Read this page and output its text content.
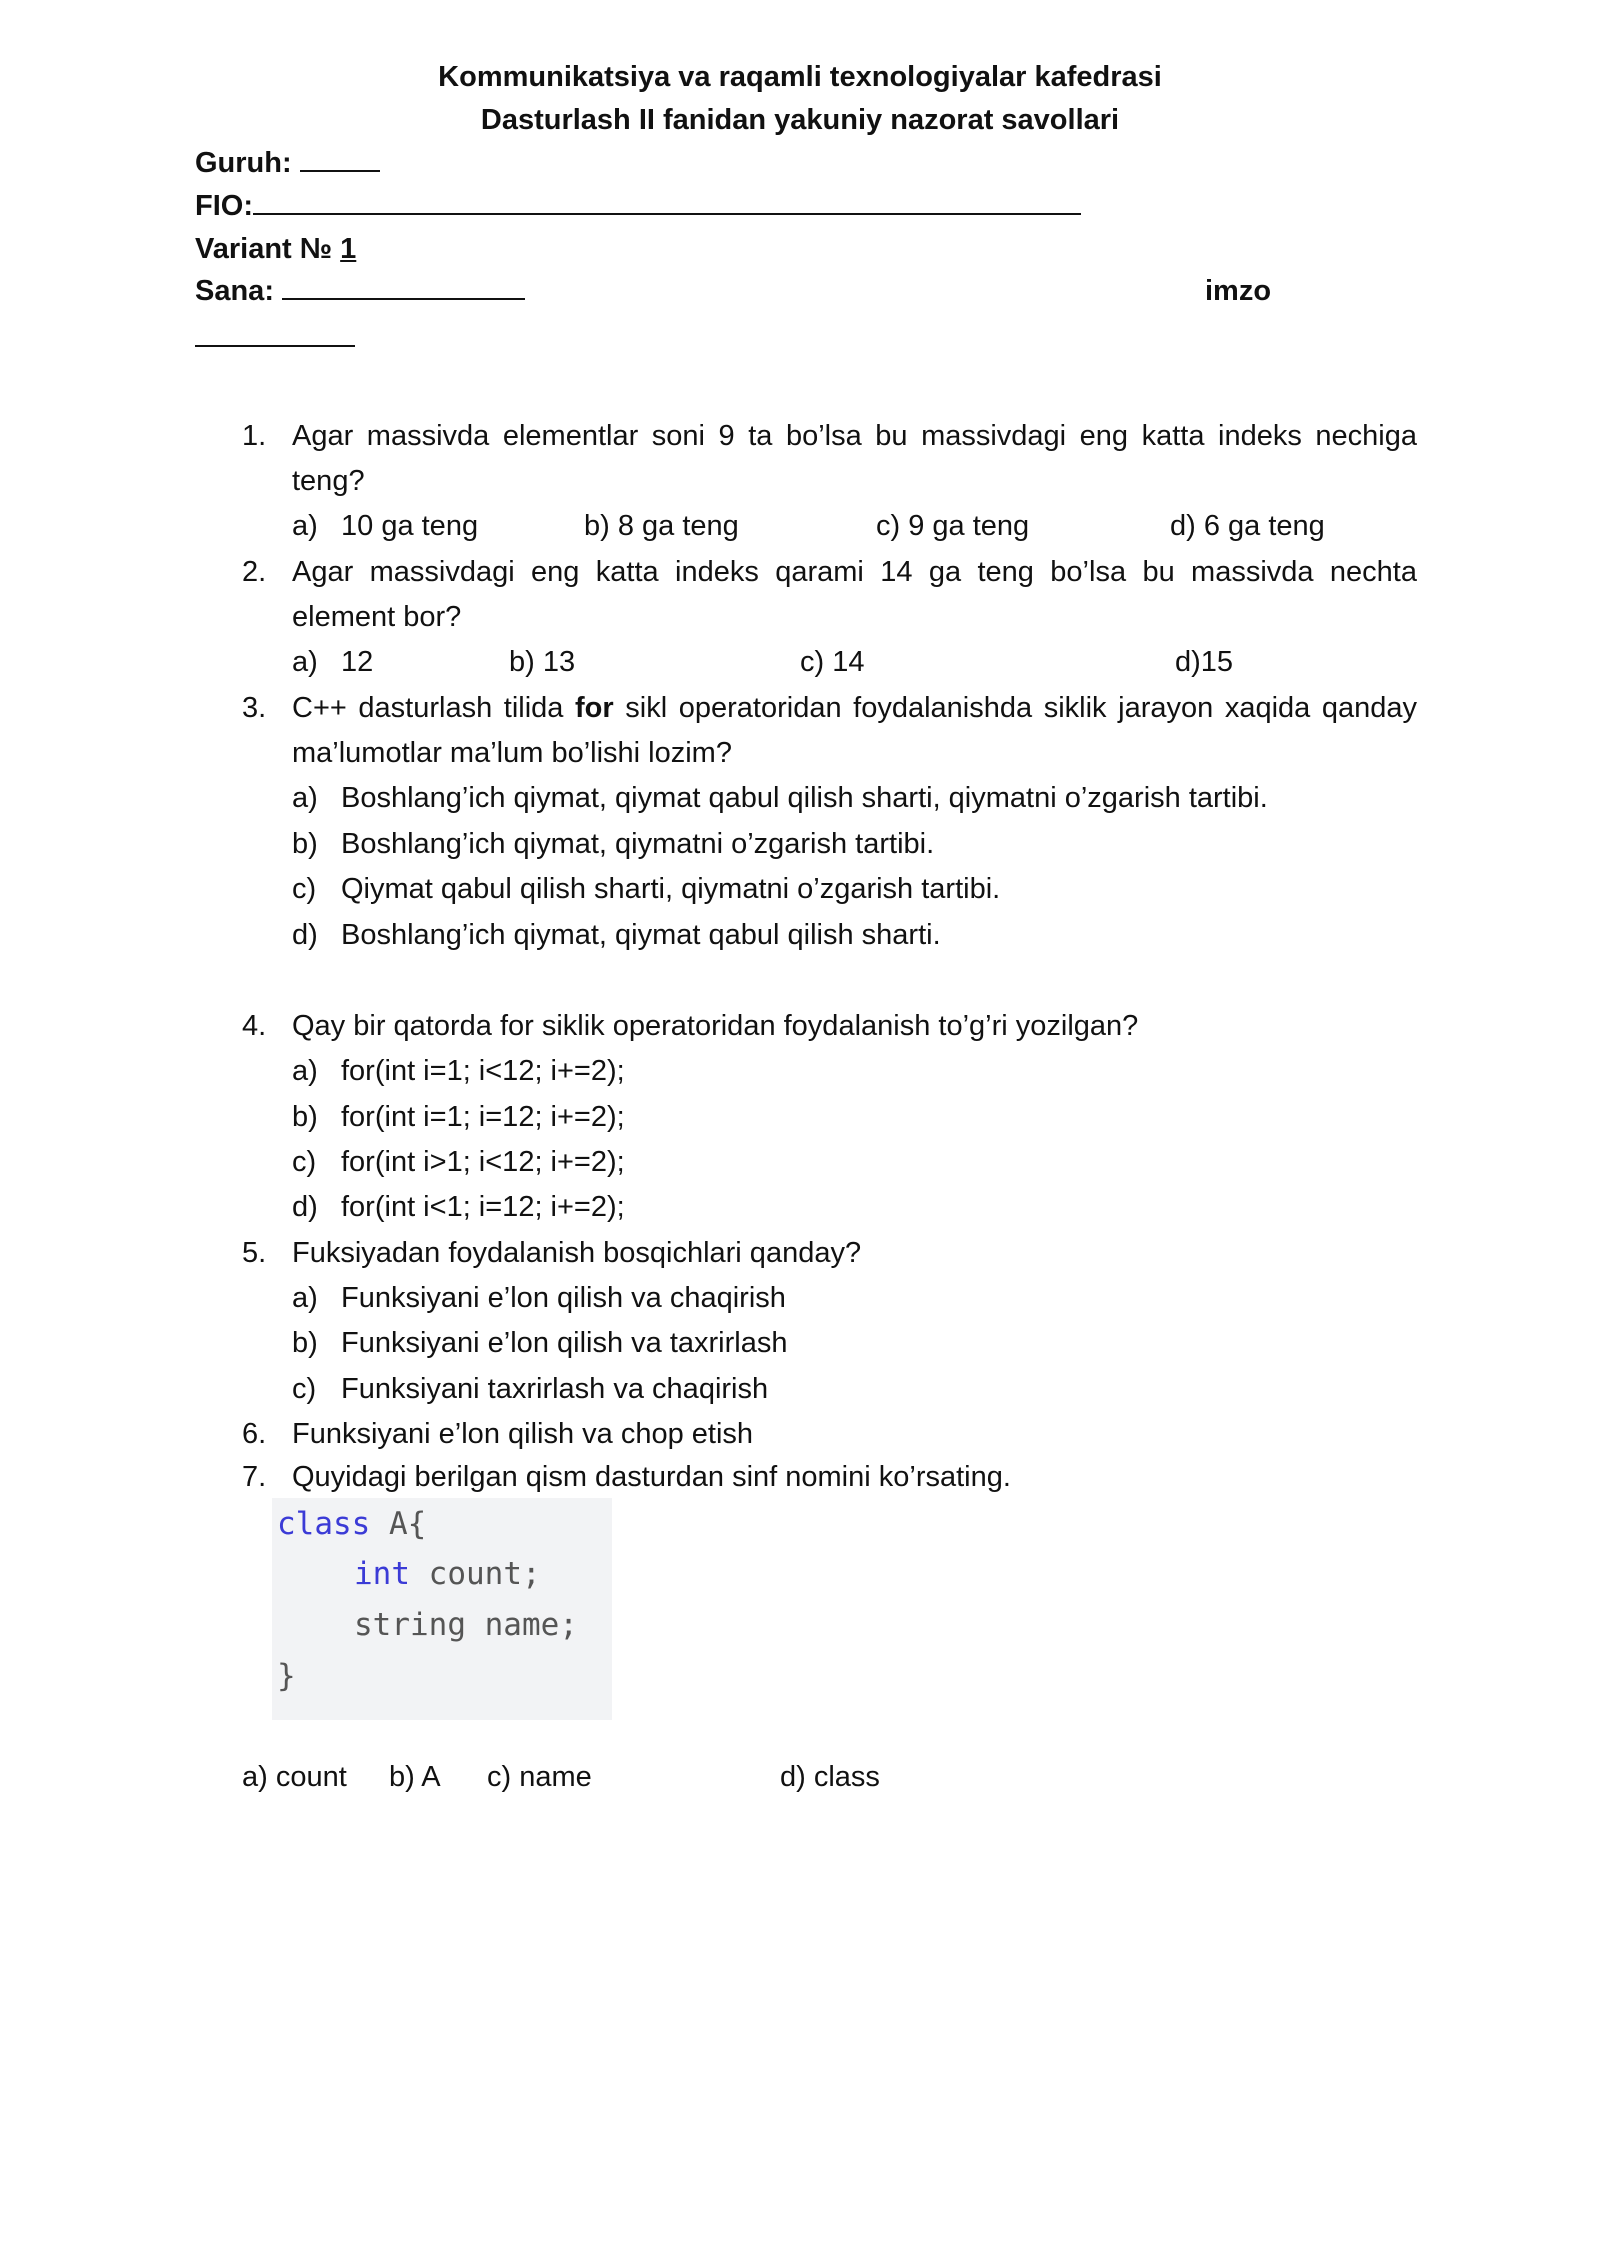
Kommunikatsiya va raqamli texnologiyalar kafedrasi
Dasturlash II fanidan yakuniy nazorat savollari
Guruh:
FIO:
Variant № 1
Sana:	imzo
1. Agar massivda elementlar soni 9 ta bo’lsa bu massivdagi eng katta indeks nechiga teng?
a) 10 ga teng	b) 8 ga teng	c) 9 ga teng	d) 6 ga teng
2. Agar massivdagi eng katta indeks qarami 14 ga teng bo’lsa bu massivda nechta element bor?
a) 12	b) 13	c) 14	d)15
3. C++ dasturlash tilida for sikl operatoridan foydalanishda siklik jarayon xaqida qanday ma’lumotlar ma’lum bo’lishi lozim?
a) Boshlang’ich qiymat, qiymat qabul qilish sharti, qiymatni o’zgarish tartibi.
b) Boshlang’ich qiymat, qiymatni o’zgarish tartibi.
c) Qiymat qabul qilish sharti, qiymatni o’zgarish tartibi.
d) Boshlang’ich qiymat, qiymat qabul qilish sharti.
4. Qay bir qatorda for siklik operatoridan foydalanish to’g’ri yozilgan?
a) for(int i=1; i<12; i+=2);
b) for(int i=1; i=12; i+=2);
c) for(int i>1; i<12; i+=2);
d) for(int i<1; i=12; i+=2);
5. Fuksiyadan foydalanish bosqichlari qanday?
a) Funksiyani e’lon qilish va chaqirish
b) Funksiyani e’lon qilish va taxrirlash
c) Funksiyani taxrirlash va chaqirish
6. Funksiyani e’lon qilish va chop etish
7. Quyidagi berilgan qism dasturdan sinf nomini ko’rsating.
class A{
int count;
string name;
}
a) count b) A c) name	d) class
